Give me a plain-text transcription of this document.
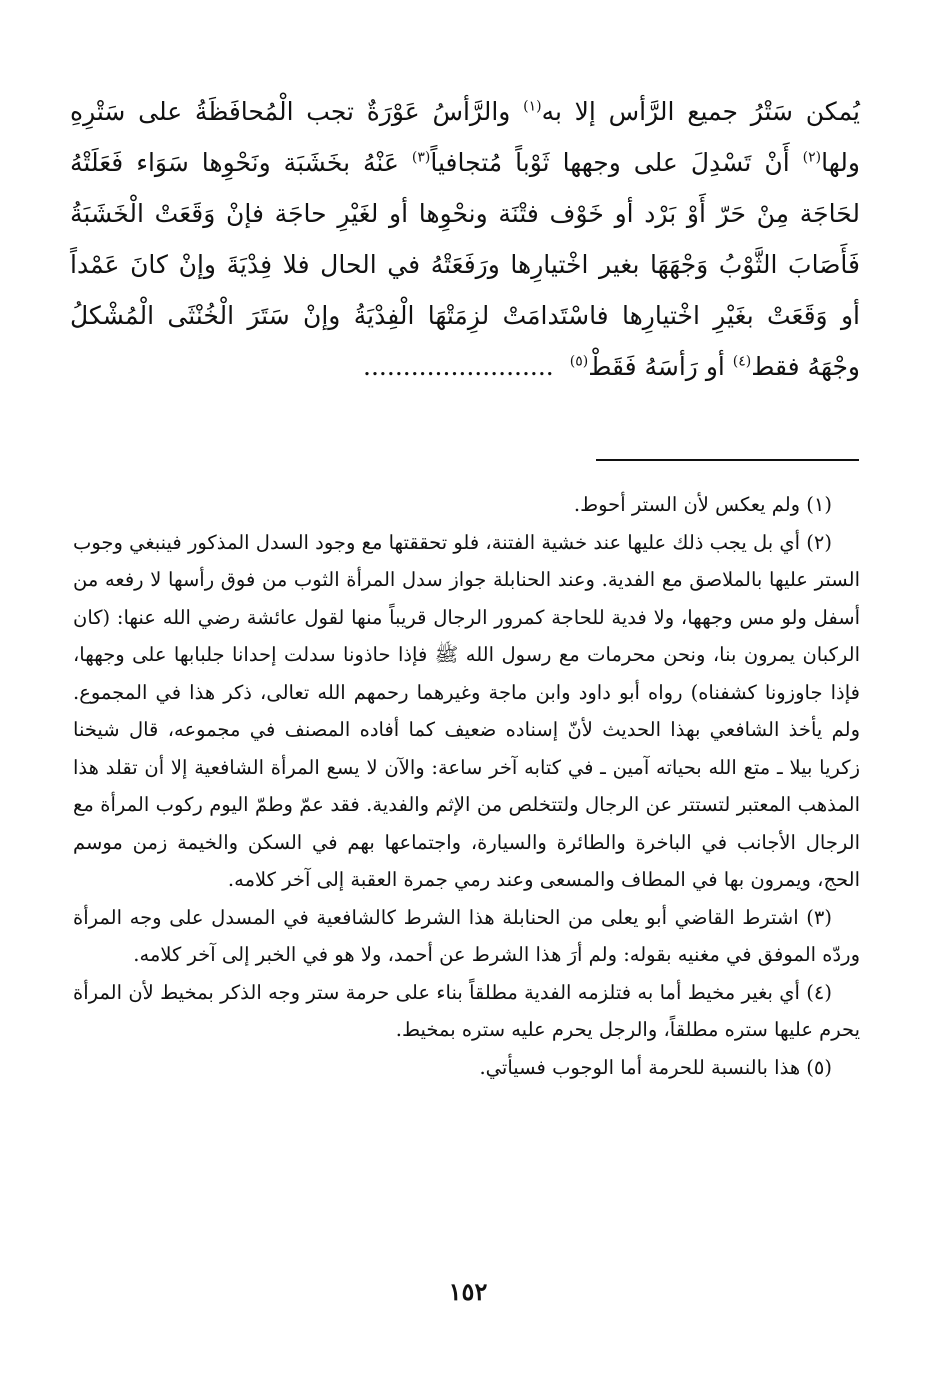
يُمكن سَتْرُ جميع الرَّأس إلا به$^{(١)}$ والرَّأسُ عَوْرَةٌ تجب الْمُحافَظَةُ على سَتْرِهِ
ولها$^{(٢)}$ أَنْ تَسْدِلَ على وجهها ثَوْباً مُتجافياً$^{(٣)}$ عَنْهُ بخَشَبَة ونَحْوِها سَوَاء فَعَلَتْهُ
لحَاجَة مِنْ حَرّ أَوْ بَرْد أو خَوْف فتْنَة ونحْوِها أو لغَيْرِ حاجَة فإنْ وَقَعَتْ الْخَشَبَةُ
فَأَصَابَ الثَّوْبُ وَجْهَهَا بغير اخْتيارِها ورَفَعَتْهُ في الحال فلا فِدْيَةَ وإنْ كانَ عَمْداً
أو وَقَعَتْ بغَيْرِ اخْتيارِها فاسْتَدامَتْ لزِمَتْهَا الْفِدْيَةُ وإنْ سَتَرَ الْخُنْثَى الْمُشْكلُ
وجْهَهُ فقط$^{(٤)}$ أو رَأسَهُ فَقَطْ$^{(٥)}$........................

(١) ولم يعكس لأن الستر أحوط.

(٢) أي بل يجب ذلك عليها عند خشية الفتنة، فلو تحققتها مع وجود السدل المذكور فينبغي وجوب الستر عليها بالملاصق مع الفدية. وعند الحنابلة جواز سدل المرأة الثوب من فوق رأسها لا رفعه من أسفل ولو مس وجهها، ولا فدية للحاجة كمرور الرجال قريباً منها لقول عائشة رضي الله عنها: (كان الركبان يمرون بنا، ونحن محرمات مع رسول الله ﷺ فإذا حاذونا سدلت إحدانا جلبابها على وجهها، فإذا جاوزونا كشفناه) رواه أبو داود وابن ماجة وغيرهما رحمهم الله تعالى، ذكر هذا في المجموع. ولم يأخذ الشافعي بهذا الحديث لأنّ إسناده ضعيف كما أفاده المصنف في مجموعه، قال شيخنا زكريا بيلا ـ متع الله بحياته آمين ـ في كتابه آخر ساعة: والآن لا يسع المرأة الشافعية إلا أن تقلد هذا المذهب المعتبر لتستتر عن الرجال ولتتخلص من الإثم والفدية. فقد عمّ وطمّ اليوم ركوب المرأة مع الرجال الأجانب في الباخرة والطائرة والسيارة، واجتماعها بهم في السكن والخيمة زمن موسم الحج، ويمرون بها في المطاف والمسعى وعند رمي جمرة العقبة إلى آخر كلامه.

(٣) اشترط القاضي أبو يعلى من الحنابلة هذا الشرط كالشافعية في المسدل على وجه المرأة وردّه الموفق في مغنيه بقوله: ولم أرَ هذا الشرط عن أحمد، ولا هو في الخبر إلى آخر كلامه.

(٤) أي بغير مخيط أما به فتلزمه الفدية مطلقاً بناء على حرمة ستر وجه الذكر بمخيط لأن المرأة يحرم عليها ستره مطلقاً، والرجل يحرم عليه ستره بمخيط.

(٥) هذا بالنسبة للحرمة أما الوجوب فسيأتي.

١٥٢
